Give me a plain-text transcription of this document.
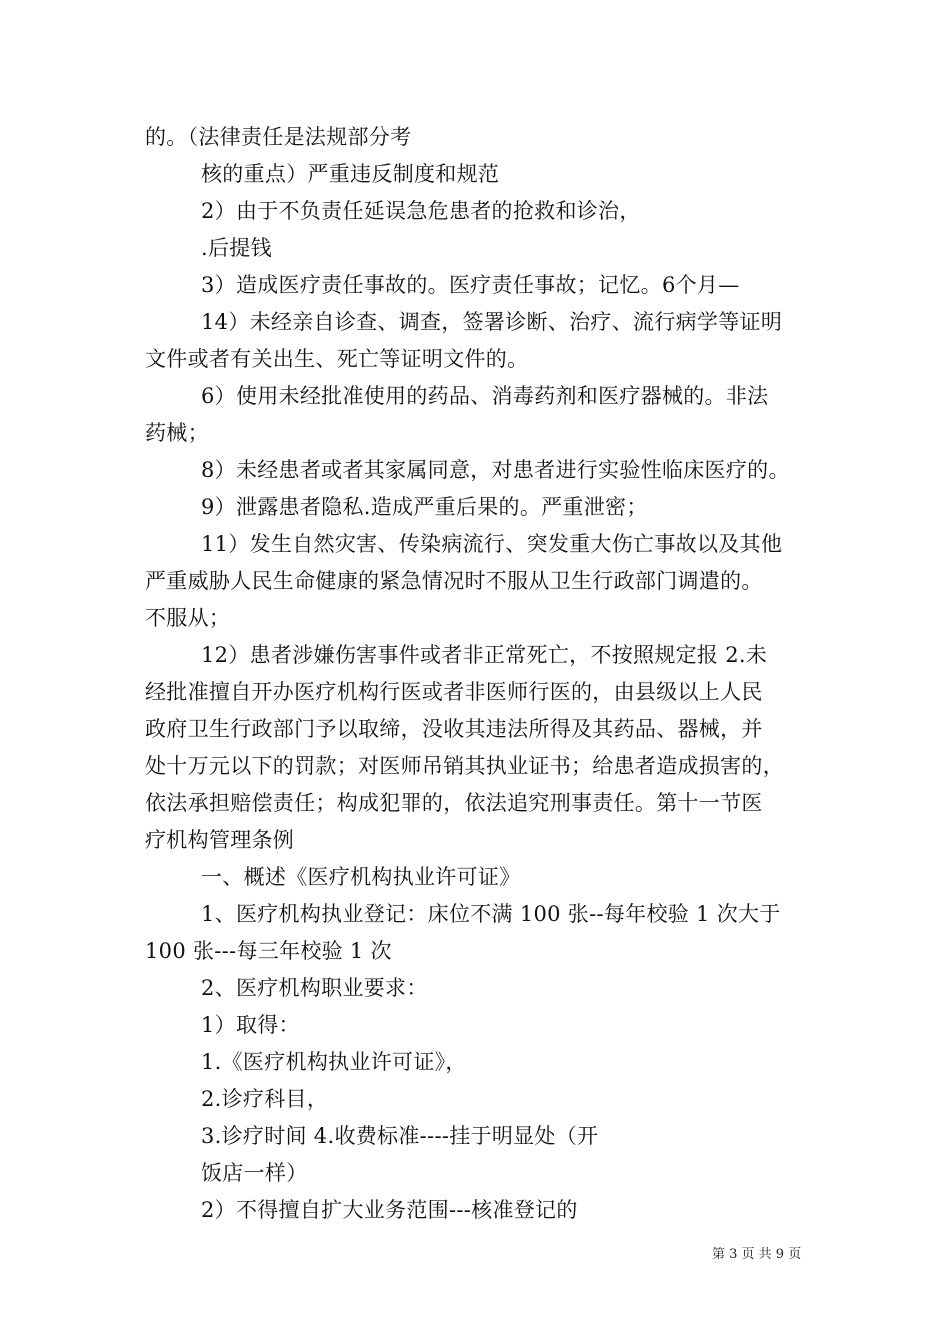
的。（法律责任是法规部分考
核的重点）严重违反制度和规范
2）由于不负责任延误急危患者的抢救和诊治，
.后提钱
3）造成医疗责任事故的。医疗责任事故；记忆。6个月—
14）未经亲自诊查、调查，签署诊断、治疗、流行病学等证明
文件或者有关出生、死亡等证明文件的。
6）使用未经批准使用的药品、消毒药剂和医疗器械的。非法
药械；
8）未经患者或者其家属同意，对患者进行实验性临床医疗的。
9）泄露患者隐私.造成严重后果的。严重泄密；
11）发生自然灾害、传染病流行、突发重大伤亡事故以及其他
严重威胁人民生命健康的紧急情况时不服从卫生行政部门调遣的。
不服从；
12）患者涉嫌伤害事件或者非正常死亡，不按照规定报 2.未
经批准擅自开办医疗机构行医或者非医师行医的，由县级以上人民
政府卫生行政部门予以取缔，没收其违法所得及其药品、器械，并
处十万元以下的罚款；对医师吊销其执业证书；给患者造成损害的，
依法承担赔偿责任；构成犯罪的，依法追究刑事责任。第十一节医
疗机构管理条例
一、概述《医疗机构执业许可证》
1、医疗机构执业登记：床位不满 100 张--每年校验 1 次大于
100 张---每三年校验 1 次
2、医疗机构职业要求：
1）取得：
1.《医疗机构执业许可证》，
2.诊疗科目，
3.诊疗时间 4.收费标准----挂于明显处（开
饭店一样）
2）不得擅自扩大业务范围---核准登记的
第 3 页 共 9 页
